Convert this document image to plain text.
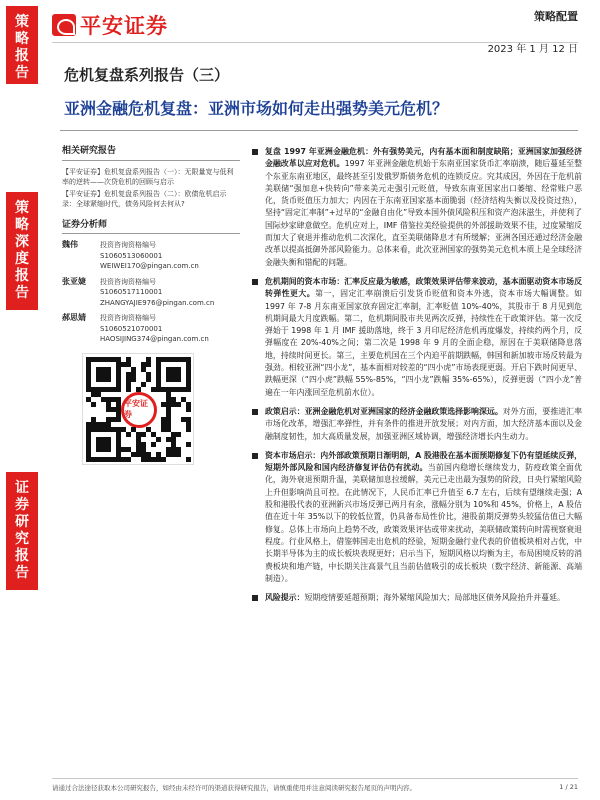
策
略
报
告
策
略
深
度
报
告
证
券
研
究
报
告
平安证券	策略配置
2023 年 1 月 12 日
危机复盘系列报告（三）
亚洲金融危机复盘：亚洲市场如何走出强势美元危机？
相关研究报告

【平安证券】危机复盘系列报告（一）：无限量宽与低利率的逆转——次贷危机的回顾与启示

【平安证券】危机复盘系列报告（二）：欧债危机启示录：全球紧缩时代，债务风险何去何从?

证券分析师
魏伟	投资咨询资格编号
S1060513060001
WEIWEI170@pingan.com.cn
张亚婕	投资咨询资格编号
S1060517110001
ZHANGYAJIE976@pingan.com.cn
郝思婧	投资咨询资格编号
S1060521070001
HAOSIJING374@pingan.com.cn
平安证券
复盘 1997 年亚洲金融危机：外有强势美元，内有基本面和制度缺陷；亚洲国家加强经济金融改革以应对危机。1997 年亚洲金融危机始于东南亚国家货币汇率崩溃，随后蔓延至整个东亚东南亚地区，最终甚至引发俄罗斯债务危机的连锁反应。究其成因，外因在于危机前美联储“强加息+快转向”带来美元走强引元贬值，导致东南亚国家出口萎缩、经常账户恶化，货币贬值压力加大；内因在于东南亚国家基本面脆弱（经济结构失衡以及投资过热），坚持“固定汇率制”+过早的“金融自由化”导致本国外债风险积压和资产泡沫滋生，并使利了国际炒家肆意做空。危机应对上，IMF 借鉴拉美经验提供的外部援助效果不佳，过度紧缩反而加大了衰退并推动危机二次深化，直至美联储降息才有所缓解；亚洲各国还通过经济金融改革以提高抵御外部风险能力。总体来看，此次亚洲国家的强势美元危机本质上是全球经济金融失衡和错配的问题。
危机期间的资本市场：汇率反应最为敏感，政策效果评估带来波动，基本面驱动资本市场反转弹性更大。第一，固定汇率崩溃后引发货币贬值和资本外逃，资本市场大幅调整。如 1997 年 7-8 月东南亚国家放弃固定汇率制，汇率贬值 10%-40%，其股市于 8 月见到危机期间最大月度跌幅。第二，危机期间股市共见两次反弹，持续性在于政策评估。第一次反弹始于 1998 年 1 月 IMF 援助落地，终于 3 月印尼经济危机再度爆发，持续约两个月，反弹幅度在 20%-40%之间；第二次是 1998 年 9 月的全面企稳，原因在于美联储降息落地，持续时间更长。第三，主要危机国在三个内迫平前期跌幅，韩国和新加坡市场反转最为强劲。相较亚洲“四小龙”，基本面相对较差的“四小虎”市场表现更弱。开启下跌时间更早、跌幅更深（“四小虎”跌幅 55%-85%，“四小龙”跌幅 35%-65%），反弹更弱（“四小龙”普遍在一年内涨回至危机前水位）。
政策启示：亚洲金融危机对亚洲国家的经济金融政策选择影响深远。对外方面，要推进汇率市场化改革，增强汇率弹性，并有条件的推进开放发展；对内方面，加大经济基本面以及金融制度韧性，加大高质量发展，加强亚洲区域协调，增强经济增长内生动力。
资本市场启示：内外部政策预期日渐明朗，A 股港股在基本面预期修复下仍有望延续反弹，短期外部风险和国内经济修复评估仍有扰动。当前国内稳增长继续发力，防疫政策全面优化，海外衰退预期升温，美联储加息拉缓解，美元已走出最为强势的阶段，日央行紧缩风险上升但影响尚且可控。在此情况下，人民币汇率已升值至 6.7 左右，后续有望继续走强；A 股和港股代表的亚洲新兴市场反弹已两月有余，涨幅分别为 10%和 45%，价格上，A 股估值在近十年 35%以下的较低位置，仍具备布局性价比，港股前期反弹势头较猛估值已大幅修复。总体上市场向上趋势不改，政策效果评估或带来扰动，美联储政策转向时需视察衰退程度。行业风格上，借鉴韩国走出危机的经验，短期金融行业代表的价值板块相对占优，中长期半导体为主的成长板块表现更好；启示当下，短期风格以均衡为主，布局困境反转的消费板块和地产链，中长期关注高景气且当前估值吸引的成长板块（数字经济、新能源、高端制造）。
风险提示：短期疫情要延超预期；海外紧缩风险加大；局部地区债务风险抬升并蔓延。
请通过合法途径获取本公司研究报告，如经由未经许可的渠道获得研究报告，请慎重使用并注意阅读研究报告尾页的声明内容。	1 / 21
